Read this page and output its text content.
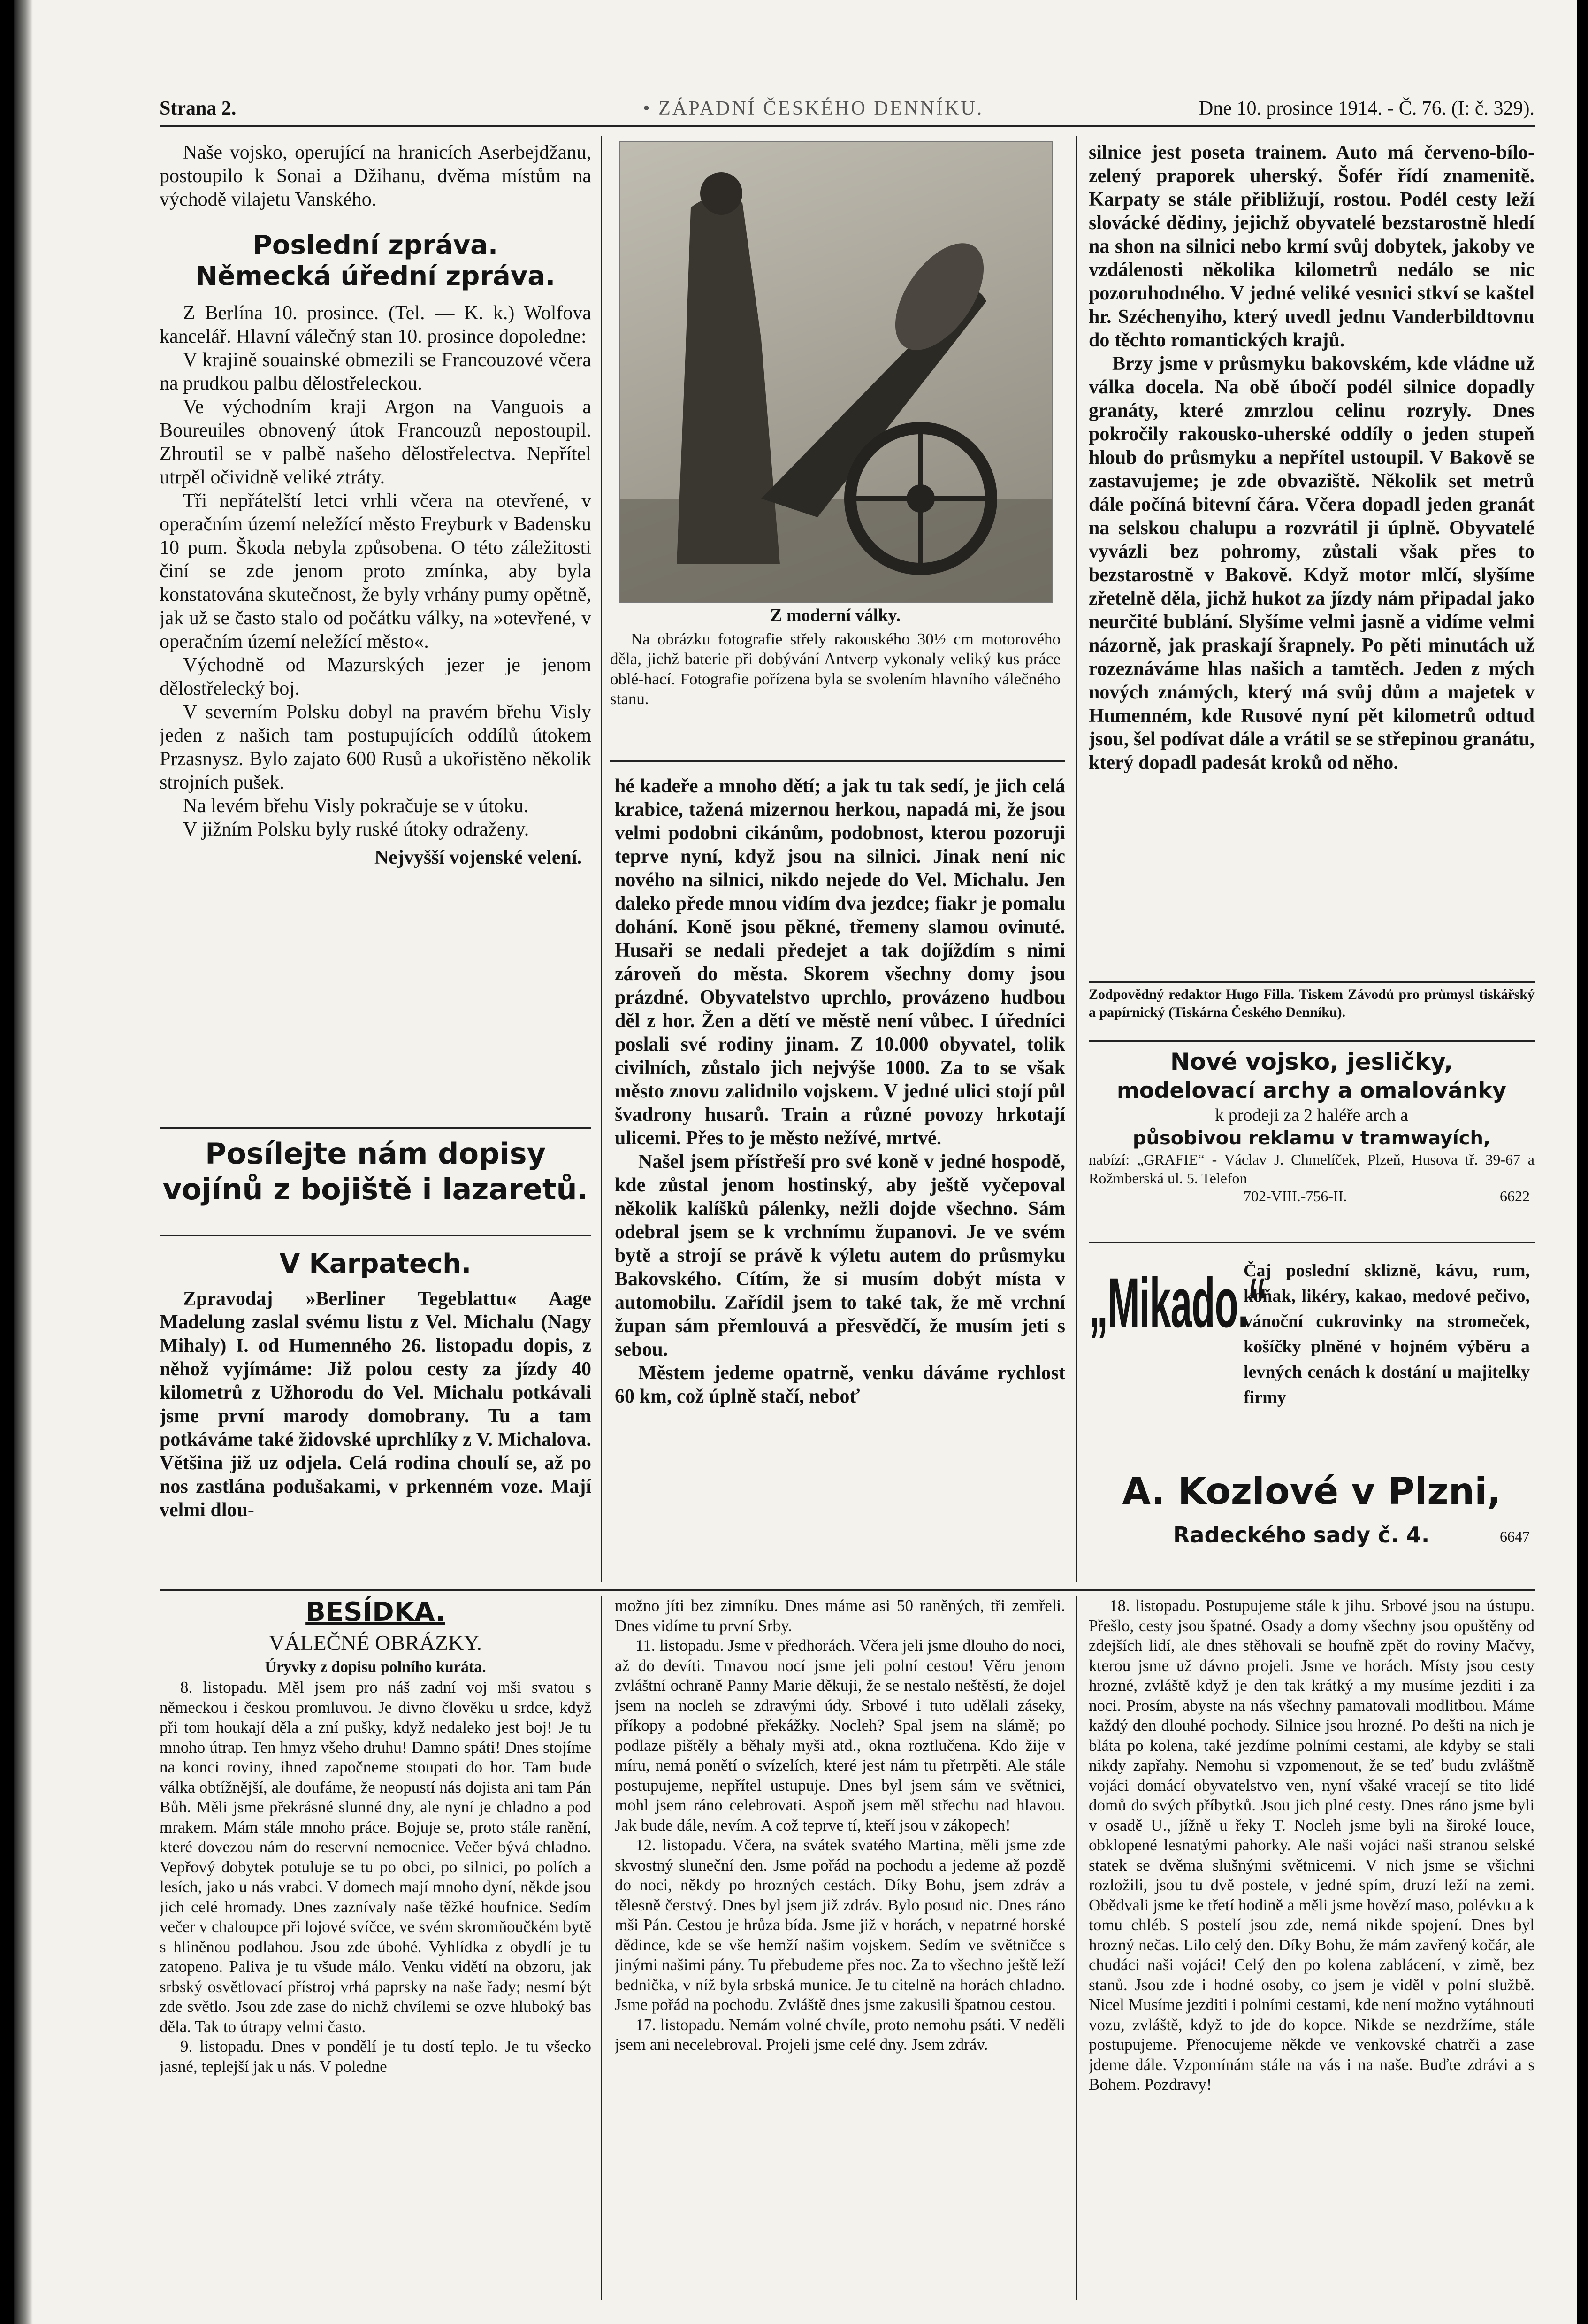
Strana 2.	• ZÁPADNÍ ČESKÉHO DENNÍKU.	Dne 10. prosince 1914. - Č. 76. (I: č. 329).

Naše vojsko, operující na hranicích Aserbejdžanu, postoupilo k Sonai a Džihanu, dvěma místům na východě vilajetu Vanského.

Poslední zpráva.
Německá úřední zpráva.

Z Berlína 10. prosince. (Tel. — K. k.) Wolfova kancelář. Hlavní válečný stan 10. prosince dopoledne:

V krajině souainské obmezili se Francouzové včera na prudkou palbu dělostřeleckou.

Ve východním kraji Argon na Vanguois a Boureuiles obnovený útok Francouzů nepostoupil. Zhroutil se v palbě našeho dělostřelectva. Nepřítel utrpěl očividně veliké ztráty.

Tři nepřátelští letci vrhli včera na otevřené, v operačním území neležící město Freyburk v Badensku 10 pum. Škoda nebyla způsobena. O této záležitosti činí se zde jenom proto zmínka, aby byla konstatována skutečnost, že byly vrhány pumy opětně, jak už se často stalo od počátku války, na »otevřené, v operačním území neležící město«.

Východně od Mazurských jezer je jenom dělostřelecký boj.

V severním Polsku dobyl na pravém břehu Visly jeden z našich tam postupujících oddílů útokem Przasnysz. Bylo zajato 600 Rusů a ukořistěno několik strojních pušek.

Na levém břehu Visly pokračuje se v útoku.

V jižním Polsku byly ruské útoky odraženy.

Nejvyšší vojenské velení.
Posílejte nám dopisy vojínů z bojiště i lazaretů.
V Karpatech.

Zpravodaj »Berliner Tegeblattu« Aage Madelung zaslal svému listu z Vel. Michalu (Nagy Mihaly) I. od Humenného 26. listopadu dopis, z něhož vyjímáme: Již polou cesty za jízdy 40 kilometrů z Užhorodu do Vel. Michalu potkávali jsme první marody domobrany. Tu a tam potkáváme také židovské uprchlíky z V. Michalova. Většina již uz odjela. Celá rodina choulí se, až po nos zastlána podušakami, v prkenném voze. Mají velmi dlou-

Z moderní války.

Na obrázku fotografie střely rakouského 30½ cm motorového děla, jichž baterie při dobývání Antverp vykonaly veliký kus práce oblé-hací. Fotografie pořízena byla se svolením hlavního válečného stanu.

hé kadeře a mnoho dětí; a jak tu tak sedí, je jich celá krabice, tažená mizernou herkou, napadá mi, že jsou velmi podobni cikánům, podobnost, kterou pozoruji teprve nyní, když jsou na silnici. Jinak není nic nového na silnici, nikdo nejede do Vel. Michalu. Jen daleko přede mnou vidím dva jezdce; fiakr je pomalu dohání. Koně jsou pěkné, třemeny slamou ovinuté. Husaři se nedali předejet a tak dojíždím s nimi zároveň do města. Skorem všechny domy jsou prázdné. Obyvatelstvo uprchlo, provázeno hudbou děl z hor. Žen a dětí ve městě není vůbec. I úředníci poslali své rodiny jinam. Z 10.000 obyvatel, tolik civilních, zůstalo jich nejvýše 1000. Za to se však město znovu zalidnilo vojskem. V jedné ulici stojí půl švadrony husarů. Train a různé povozy hrkotají ulicemi. Přes to je město nežívé, mrtvé.

Našel jsem přístřeší pro své koně v jedné hospodě, kde zůstal jenom hostinský, aby ještě vyčepoval několik kalíšků pálenky, nežli dojde všechno. Sám odebral jsem se k vrchnímu županovi. Je ve svém bytě a strojí se právě k výletu autem do průsmyku Bakovského. Cítím, že si musím dobýt místa v automobilu. Zařídil jsem to také tak, že mě vrchní župan sám přemlouvá a přesvědčí, že musím jeti s sebou.

Městem jedeme opatrně, venku dáváme rychlost 60 km, což úplně stačí, neboť

silnice jest poseta trainem. Auto má červeno-bílo-zelený praporek uherský. Šofér řídí znamenitě. Karpaty se stále přibližují, rostou. Podél cesty leží slovácké dědiny, jejichž obyvatelé bezstarostně hledí na shon na silnici nebo krmí svůj dobytek, jakoby ve vzdálenosti několika kilometrů nedálo se nic pozoruhodného. V jedné veliké vesnici stkví se kaštel hr. Széchenyiho, který uvedl jednu Vanderbildtovnu do těchto romantických krajů.

Brzy jsme v průsmyku bakovském, kde vládne už válka docela. Na obě úbočí podél silnice dopadly granáty, které zmrzlou celinu rozryly. Dnes pokročily rakousko-uherské oddíly o jeden stupeň hloub do průsmyku a nepřítel ustoupil. V Bakově se zastavujeme; je zde obvaziště. Několik set metrů dále počíná bitevní čára. Včera dopadl jeden granát na selskou chalupu a rozvrátil ji úplně. Obyvatelé vyvázli bez pohromy, zůstali však přes to bezstarostně v Bakově. Když motor mlčí, slyšíme zřetelně děla, jichž hukot za jízdy nám připadal jako neurčité bublání. Slyšíme velmi jasně a vidíme velmi názorně, jak praskají šrapnely. Po pěti minutách už rozeznáváme hlas našich a tamtěch. Jeden z mých nových známých, který má svůj dům a majetek v Humenném, kde Rusové nyní pět kilometrů odtud jsou, šel podívat dále a vrátil se se střepinou granátu, který dopadl padesát kroků od něho.

Zodpovědný redaktor Hugo Filla. Tiskem Závodů pro průmysl tiskářský a papírnický (Tiskárna Českého Denníku).

Nové vojsko, jesličky,
modelovací archy a omalovánky
k prodeji za 2 haléře arch a
působivou reklamu v tramwayích,
nabízí: „GRAFIE“ - Václav J. Chmelíček, Plzeň, Husova tř. 39-67 a Rožmberská ul. 5. Telefon
702-VIII.-756-II.	6622
„Mikado.“
Čaj poslední sklizně, kávu, rum, koňak, likéry, kakao, medové pečivo, vánoční cukrovinky na stromeček, košíčky plněné v hojném výběru a levných cenách k dostání u majitelky firmy
A. Kozlové v Plzni,
Radeckého sady č. 4.	6647
BESÍDKA.
VÁLEČNÉ OBRÁZKY.
Úryvky z dopisu polního kuráta.

8. listopadu. Měl jsem pro náš zadní voj mši svatou s německou i českou promluvou. Je divno člověku u srdce, když při tom houkají děla a zní pušky, když nedaleko jest boj! Je tu mnoho útrap. Ten hmyz všeho druhu! Damno spáti! Dnes stojíme na konci roviny, ihned započneme stoupati do hor. Tam bude válka obtížnější, ale doufáme, že neopustí nás dojista ani tam Pán Bůh. Měli jsme překrásné slunné dny, ale nyní je chladno a pod mrakem. Mám stále mnoho práce. Bojuje se, proto stále ranění, které dovezou nám do reservní nemocnice. Večer bývá chladno. Vepřový dobytek potuluje se tu po obci, po silnici, po polích a lesích, jako u nás vrabci. V domech mají mnoho dyní, někde jsou jich celé hromady. Dnes zaznívaly naše těžké houfnice. Sedím večer v chaloupce při lojové svíčce, ve svém skromňoučkém bytě s hliněnou podlahou. Jsou zde úbohé. Vyhlídka z obydlí je tu zatopeno. Paliva je tu všude málo. Venku vidětí na obzoru, jak srbský osvětlovací přístroj vrhá paprsky na naše řady; nesmí být zde světlo. Jsou zde zase do nichž chvílemi se ozve hluboký bas děla. Tak to útrapy velmi často.

9. listopadu. Dnes v pondělí je tu dostí teplo. Je tu všecko jasné, teplejší jak u nás. V poledne

možno jíti bez zimníku. Dnes máme asi 50 raněných, tři zemřeli. Dnes vidíme tu první Srby.

11. listopadu. Jsme v předhorách. Včera jeli jsme dlouho do noci, až do devíti. Tmavou nocí jsme jeli polní cestou! Věru jenom zvláštní ochraně Panny Marie děkuji, že se nestalo neštěstí, že dojel jsem na nocleh se zdravými údy. Srbové i tuto udělali záseky, příkopy a podobné překážky. Nocleh? Spal jsem na slámě; po podlaze pištěly a běhaly myši atd., okna roztlučena. Kdo žije v míru, nemá ponětí o svízelích, které jest nám tu přetrpěti. Ale stále postupujeme, nepřítel ustupuje. Dnes byl jsem sám ve světnici, mohl jsem ráno celebrovati. Aspoň jsem měl střechu nad hlavou. Jak bude dále, nevím. A což teprve tí, kteří jsou v zákopech!

12. listopadu. Včera, na svátek svatého Martina, měli jsme zde skvostný sluneční den. Jsme pořád na pochodu a jedeme až pozdě do noci, někdy po hrozných cestách. Díky Bohu, jsem zdráv a tělesně čerstvý. Dnes byl jsem již zdráv. Bylo posud nic. Dnes ráno mši Pán. Cestou je hrůza bída. Jsme již v horách, v nepatrné horské dědince, kde se vše hemží našim vojskem. Sedím ve světničce s jinými našimi pány. Tu přebudeme přes noc. Za to všechno ještě leží bednička, v níž byla srbská munice. Je tu citelně na horách chladno. Jsme pořád na pochodu. Zvláště dnes jsme zakusili špatnou cestou.

17. listopadu. Nemám volné chvíle, proto nemohu psáti. V neděli jsem ani necelebroval. Projeli jsme celé dny. Jsem zdráv.

18. listopadu. Postupujeme stále k jihu. Srbové jsou na ústupu. Přešlo, cesty jsou špatné. Osady a domy všechny jsou opuštěny od zdejších lidí, ale dnes stěhovali se houfně zpět do roviny Mačvy, kterou jsme už dávno projeli. Jsme ve horách. Místy jsou cesty hrozné, zvláště když je den tak krátký a my musíme jezditi i za noci. Prosím, abyste na nás všechny pamatovali modlitbou. Máme každý den dlouhé pochody. Silnice jsou hrozné. Po dešti na nich je bláta po kolena, také jezdíme polními cestami, ale kdyby se stali nikdy zapřahy. Nemohu si vzpomenout, že se teď budu zvláštně vojáci domácí obyvatelstvo ven, nyní všaké vracejí se tito lidé domů do svých příbytků. Jsou jich plné cesty. Dnes ráno jsme byli v osadě U., jížně u řeky T. Nocleh jsme byli na široké louce, obklopené lesnatými pahorky. Ale naši vojáci naši stranou selské statek se dvěma slušnými světnicemi. V nich jsme se všichni rozložili, jsou tu dvě postele, v jedné spím, druzí leží na zemi. Obědvali jsme ke třetí hodině a měli jsme hovězí maso, polévku a k tomu chléb. S postelí jsou zde, nemá nikde spojení. Dnes byl hrozný nečas. Lilo celý den. Díky Bohu, že mám zavřený kočár, ale chudáci naši vojáci! Celý den po kolena zablácení, v zimě, bez stanů. Jsou zde i hodné osoby, co jsem je viděl v polní službě. Nicel Musíme jezditi i polními cestami, kde není možno vytáhnouti vozu, zvláště, když to jde do kopce. Nikde se nezdržíme, stále postupujeme. Přenocujeme někde ve venkovské chatrči a zase jdeme dále. Vzpomínám stále na vás i na naše. Buďte zdrávi a s Bohem. Pozdravy!
